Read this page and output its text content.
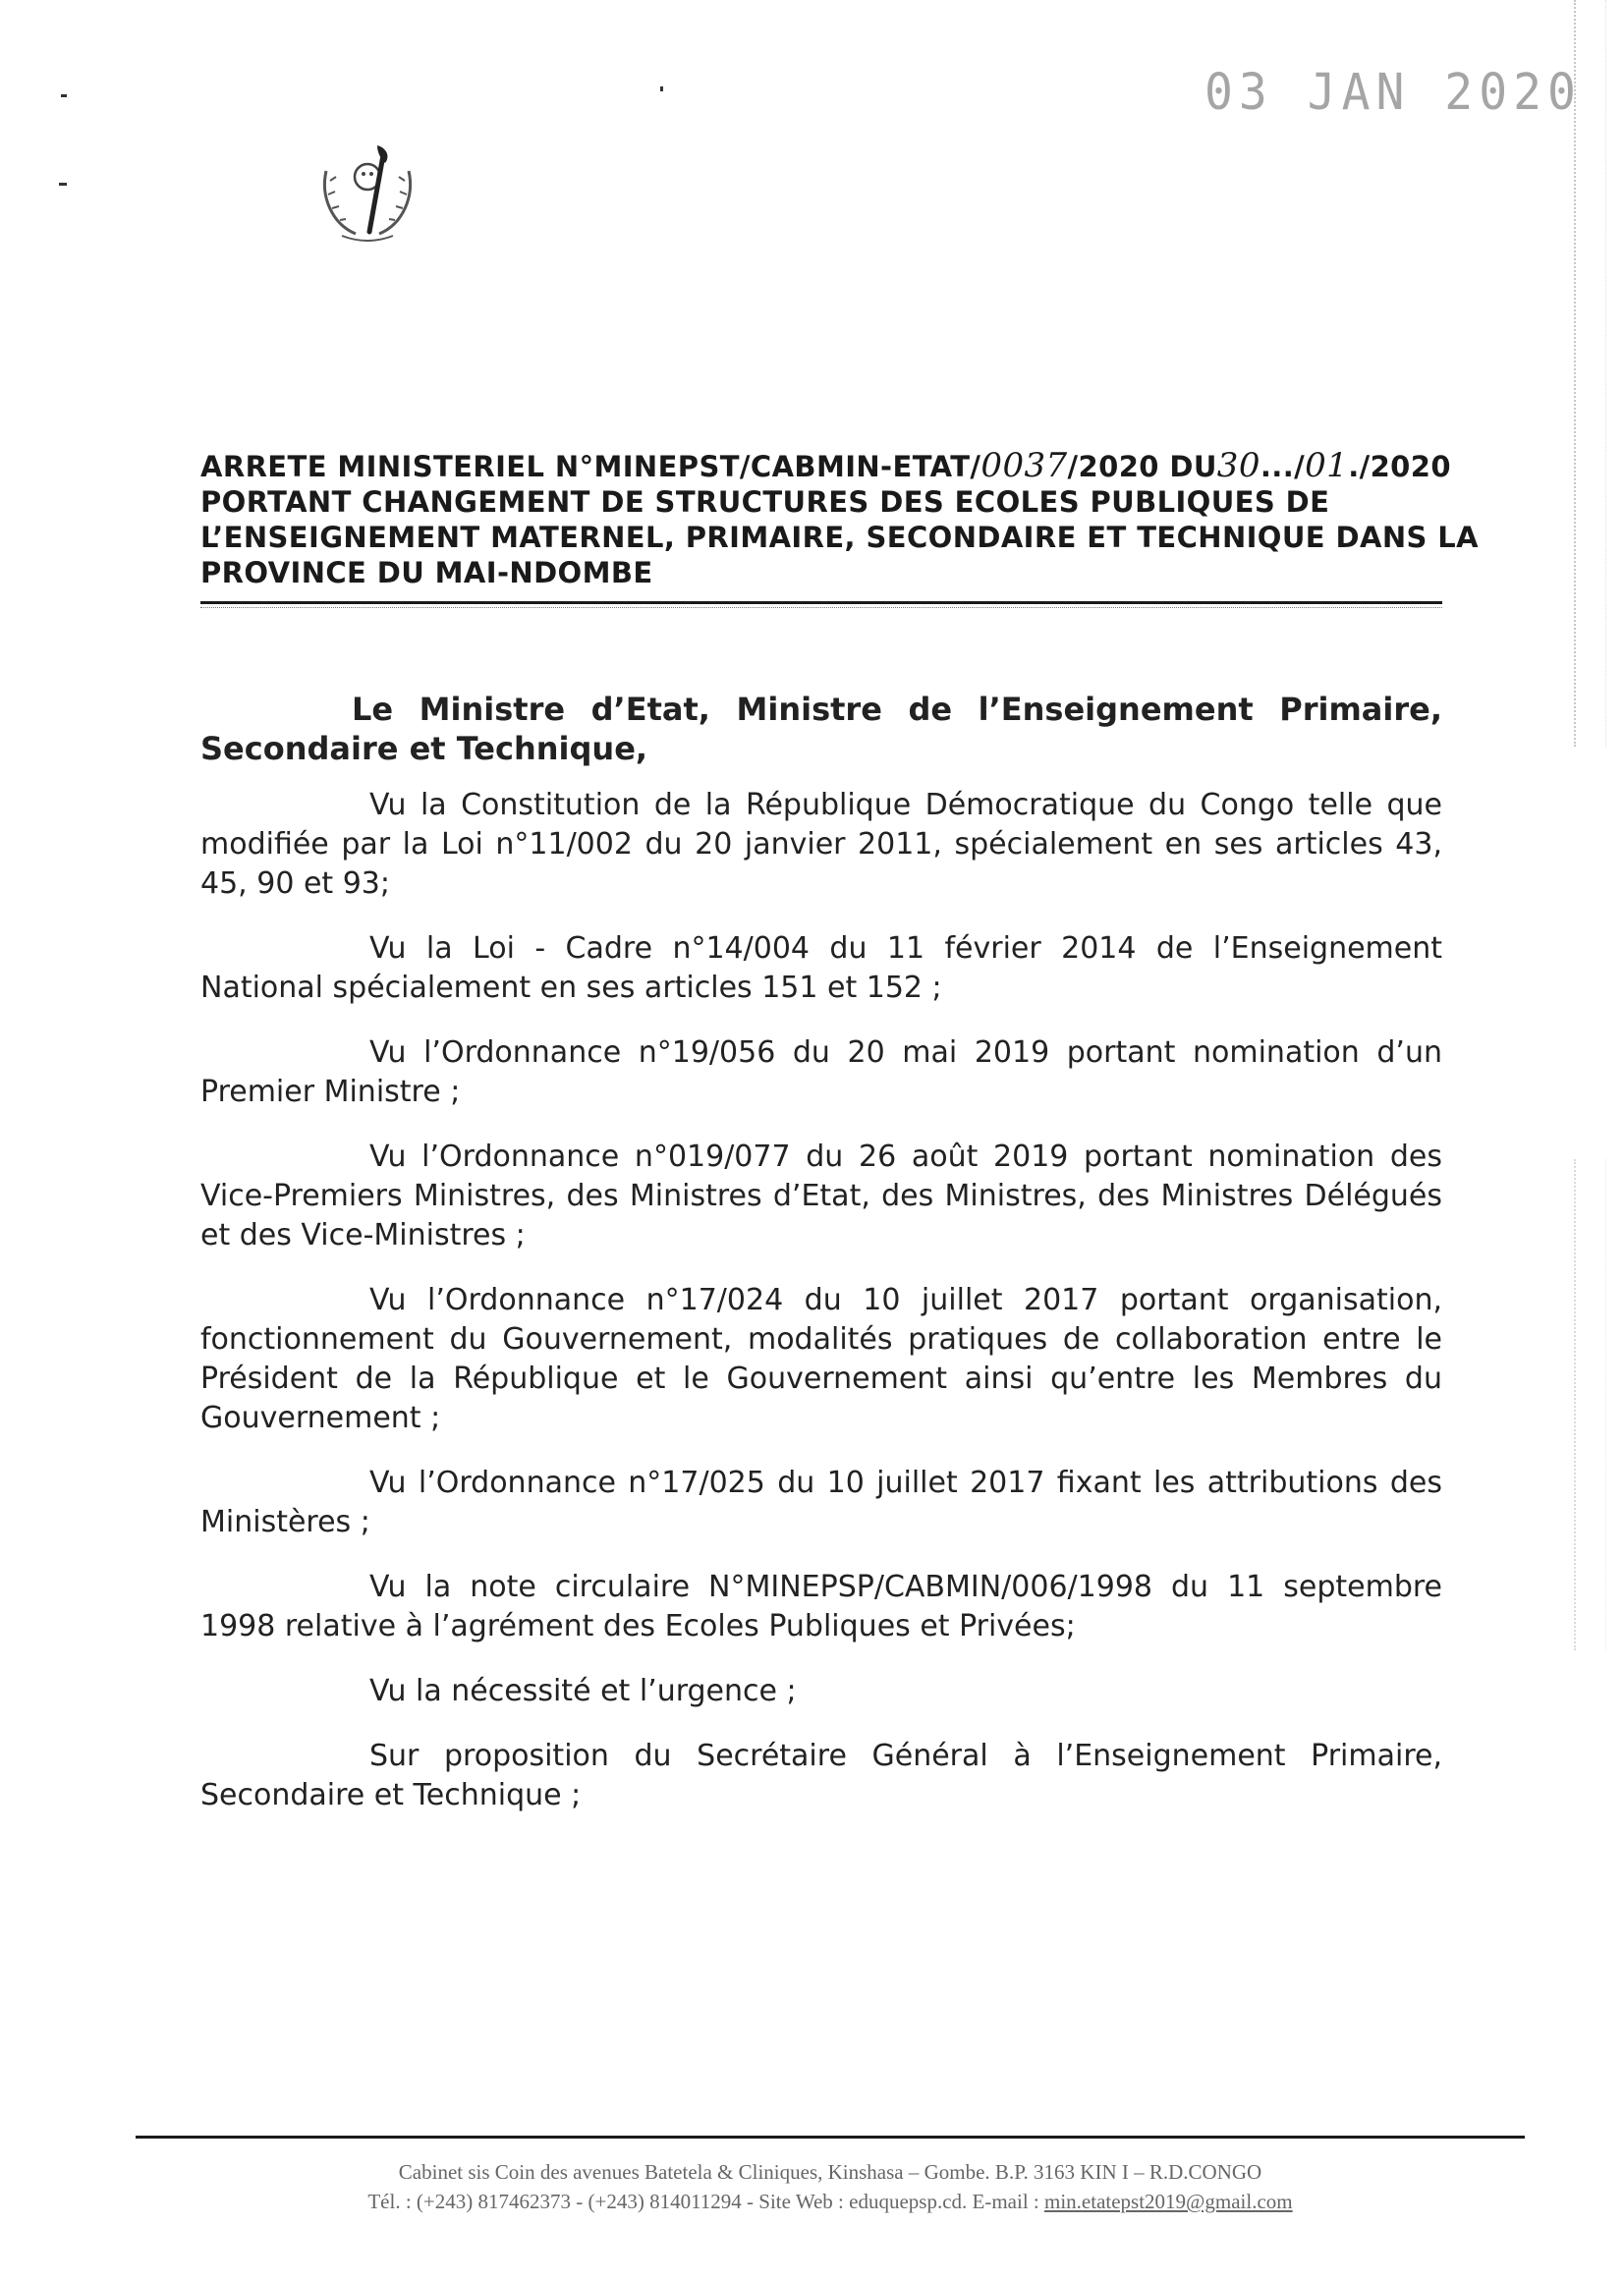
03 JAN 2020
ARRETE MINISTERIEL N°MINEPST/CABMIN-ETAT/0037/2020 DU30.../01./2020
PORTANT CHANGEMENT DE STRUCTURES DES ECOLES PUBLIQUES DE
L’ENSEIGNEMENT MATERNEL, PRIMAIRE, SECONDAIRE ET TECHNIQUE DANS LA
PROVINCE DU MAI-NDOMBE

Le Ministre d’Etat, Ministre de l’Enseignement Primaire, Secondaire et Technique,

Vu la Constitution de la République Démocratique du Congo telle que modifiée par la Loi n°11/002 du 20 janvier 2011, spécialement en ses articles 43, 45, 90 et 93;

Vu la Loi - Cadre n°14/004 du 11 février 2014 de l’Enseignement National spécialement en ses articles 151 et 152 ;

Vu l’Ordonnance n°19/056 du 20 mai 2019 portant nomination d’un Premier Ministre ;

Vu l’Ordonnance n°019/077 du 26 août 2019 portant nomination des Vice-Premiers Ministres, des Ministres d’Etat, des Ministres, des Ministres Délégués et des Vice-Ministres ;

Vu l’Ordonnance n°17/024 du 10 juillet 2017 portant organisation, fonctionnement du Gouvernement, modalités pratiques de collaboration entre le Président de la République et le Gouvernement ainsi qu’entre les Membres du Gouvernement ;

Vu l’Ordonnance n°17/025 du 10 juillet 2017 fixant les attributions des Ministères ;

Vu la note circulaire N°MINEPSP/CABMIN/006/1998 du 11 septembre 1998 relative à l’agrément des Ecoles Publiques et Privées;

Vu la nécessité et l’urgence ;

Sur proposition du Secrétaire Général à l’Enseignement Primaire, Secondaire et Technique ;

Cabinet sis Coin des avenues Batetela & Cliniques, Kinshasa – Gombe. B.P. 3163 KIN I – R.D.CONGO
Tél. : (+243) 817462373 - (+243) 814011294 - Site Web : eduquepsp.cd. E-mail : min.etatepst2019@gmail.com
